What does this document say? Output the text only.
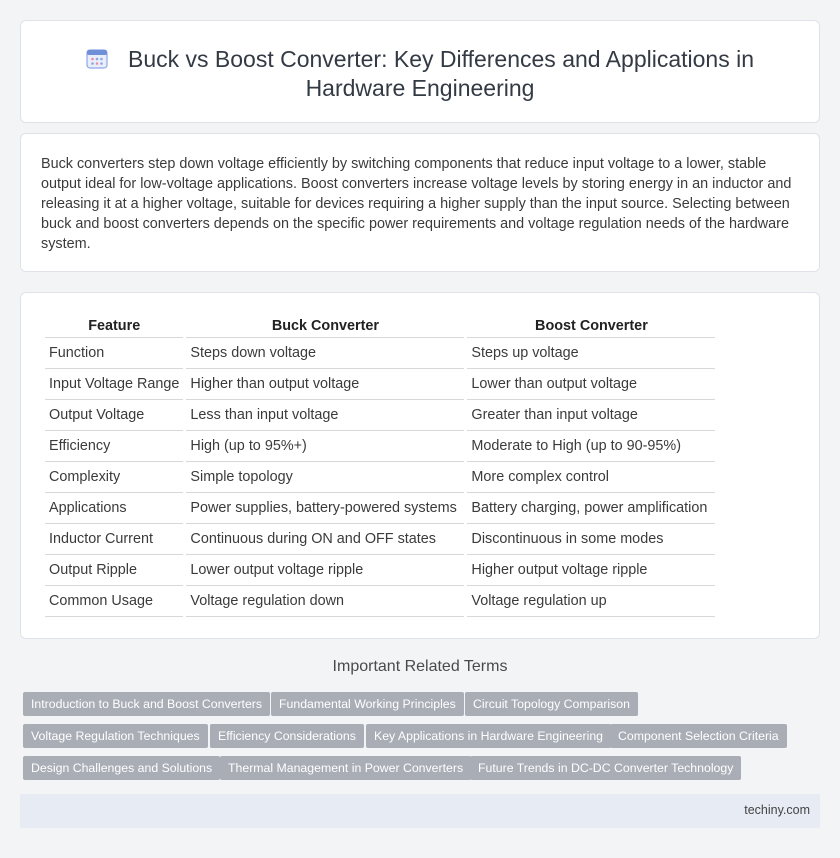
Buck vs Boost Converter: Key Differences and Applications in Hardware Engineering
Buck converters step down voltage efficiently by switching components that reduce input voltage to a lower, stable output ideal for low-voltage applications. Boost converters increase voltage levels by storing energy in an inductor and releasing it at a higher voltage, suitable for devices requiring a higher supply than the input source. Selecting between buck and boost converters depends on the specific power requirements and voltage regulation needs of the hardware system.
Feature	Buck Converter	Boost Converter
Function	Steps down voltage	Steps up voltage
Input Voltage Range	Higher than output voltage	Lower than output voltage
Output Voltage	Less than input voltage	Greater than input voltage
Efficiency	High (up to 95%+)	Moderate to High (up to 90-95%)
Complexity	Simple topology	More complex control
Applications	Power supplies, battery-powered systems	Battery charging, power amplification
Inductor Current	Continuous during ON and OFF states	Discontinuous in some modes
Output Ripple	Lower output voltage ripple	Higher output voltage ripple
Common Usage	Voltage regulation down	Voltage regulation up
Important Related Terms
Introduction to Buck and Boost Converters	Fundamental Working Principles	Circuit Topology Comparison
Voltage Regulation Techniques	Efficiency Considerations	Key Applications in Hardware Engineering	Component Selection Criteria
Design Challenges and Solutions	Thermal Management in Power Converters	Future Trends in DC-DC Converter Technology
techiny.com
